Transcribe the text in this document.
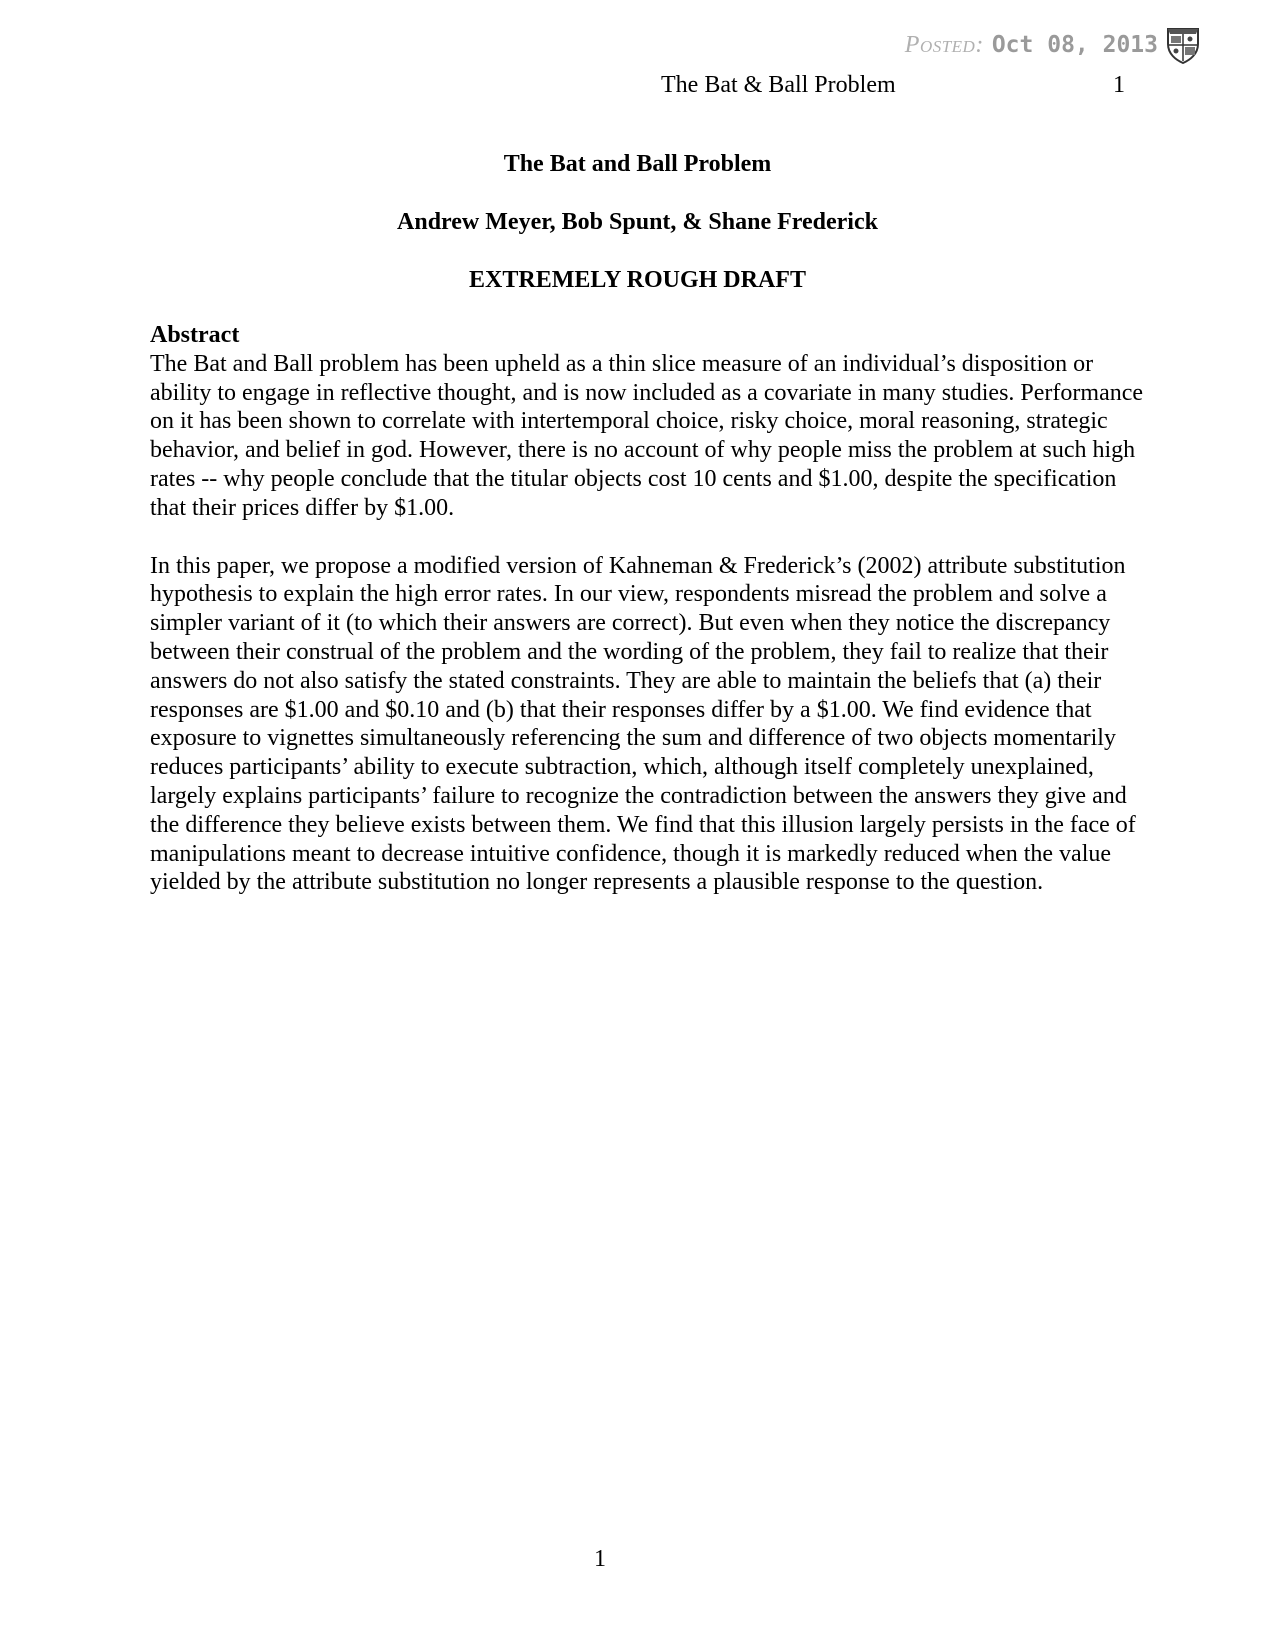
Posted: Oct 08, 2013
The Bat & Ball Problem	1
The Bat and Ball Problem
Andrew Meyer, Bob Spunt, & Shane Frederick
EXTREMELY ROUGH DRAFT
Abstract

The Bat and Ball problem has been upheld as a thin slice measure of an individual’s disposition or ability to engage in reflective thought, and is now included as a covariate in many studies. Performance on it has been shown to correlate with intertemporal choice, risky choice, moral reasoning, strategic behavior, and belief in god. However, there is no account of why people miss the problem at such high rates -- why people conclude that the titular objects cost 10 cents and $1.00, despite the specification that their prices differ by $1.00.

In this paper, we propose a modified version of Kahneman & Frederick’s (2002) attribute substitution hypothesis to explain the high error rates. In our view, respondents misread the problem and solve a simpler variant of it (to which their answers are correct). But even when they notice the discrepancy between their construal of the problem and the wording of the problem, they fail to realize that their answers do not also satisfy the stated constraints. They are able to maintain the beliefs that (a) their responses are $1.00 and $0.10 and (b) that their responses differ by a $1.00. We find evidence that exposure to vignettes simultaneously referencing the sum and difference of two objects momentarily reduces participants’ ability to execute subtraction, which, although itself completely unexplained, largely explains participants’ failure to recognize the contradiction between the answers they give and the difference they believe exists between them. We find that this illusion largely persists in the face of manipulations meant to decrease intuitive confidence, though it is markedly reduced when the value yielded by the attribute substitution no longer represents a plausible response to the question.

1
